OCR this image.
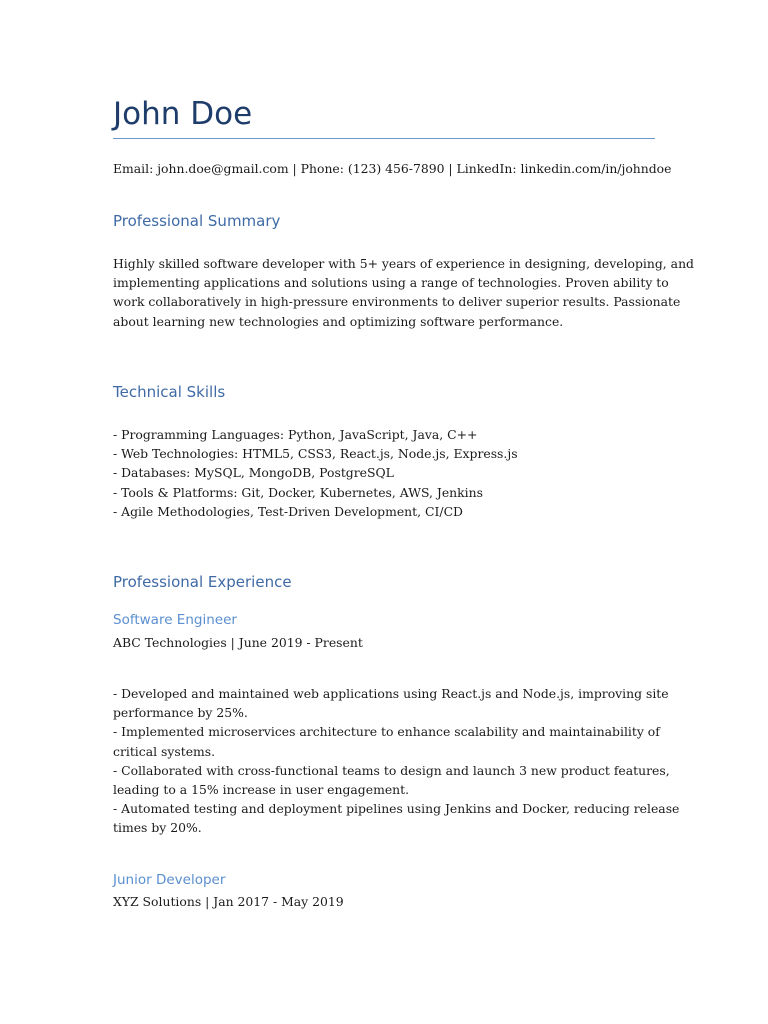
John Doe
Email: john.doe@gmail.com | Phone: (123) 456-7890 | LinkedIn: linkedin.com/in/johndoe
Professional Summary
Highly skilled software developer with 5+ years of experience in designing, developing, and
implementing applications and solutions using a range of technologies. Proven ability to
work collaboratively in high-pressure environments to deliver superior results. Passionate
about learning new technologies and optimizing software performance.
Technical Skills
- Programming Languages: Python, JavaScript, Java, C++
- Web Technologies: HTML5, CSS3, React.js, Node.js, Express.js
- Databases: MySQL, MongoDB, PostgreSQL
- Tools & Platforms: Git, Docker, Kubernetes, AWS, Jenkins
- Agile Methodologies, Test-Driven Development, CI/CD
Professional Experience
Software Engineer
ABC Technologies | June 2019 - Present
- Developed and maintained web applications using React.js and Node.js, improving site
performance by 25%.
- Implemented microservices architecture to enhance scalability and maintainability of
critical systems.
- Collaborated with cross-functional teams to design and launch 3 new product features,
leading to a 15% increase in user engagement.
- Automated testing and deployment pipelines using Jenkins and Docker, reducing release
times by 20%.
Junior Developer
XYZ Solutions | Jan 2017 - May 2019
